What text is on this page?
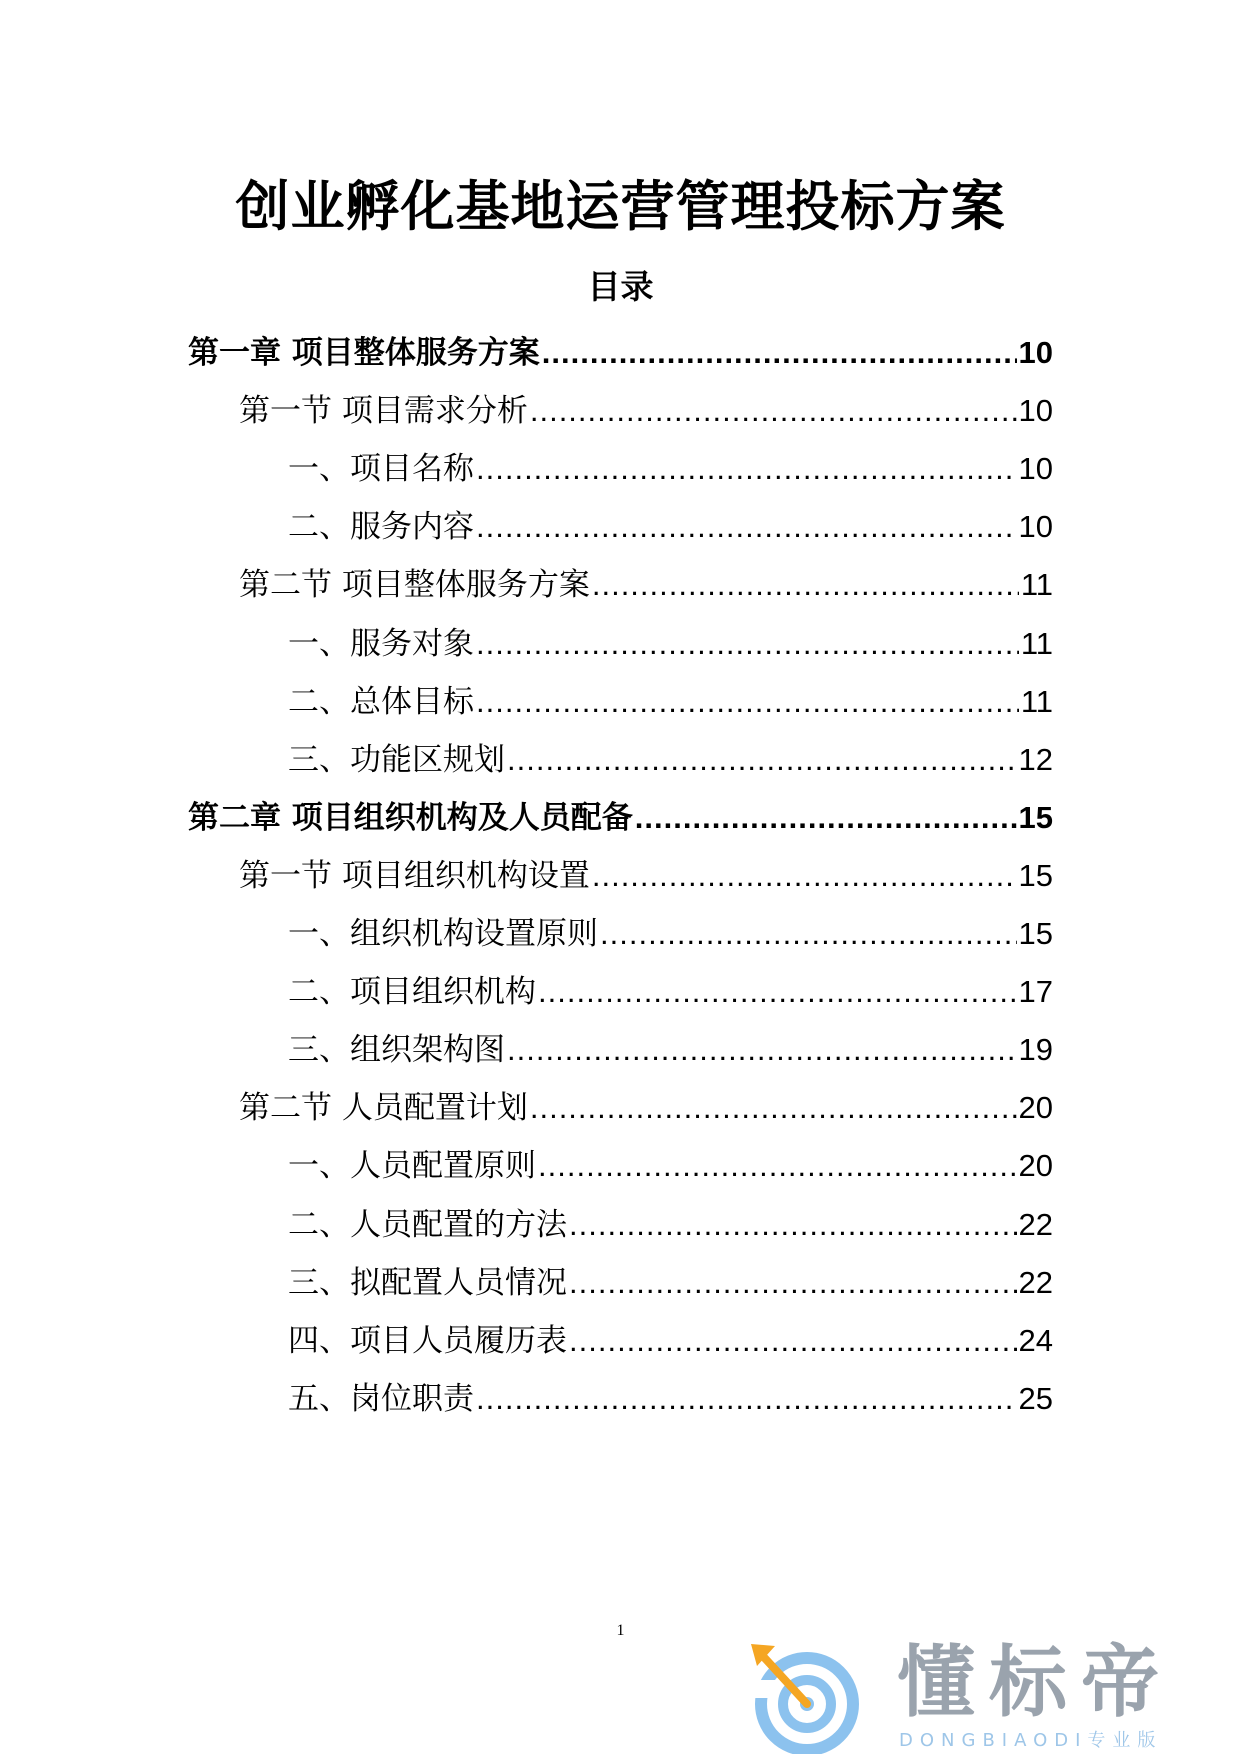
创业孵化基地运营管理投标方案
目录
第一章 项目整体服务方案 .....	10
第一节 项目需求分析 .....	10
一、项目名称 .....	10
二、服务内容 .....	10
第二节 项目整体服务方案 .....	11
一、服务对象 .....	11
二、总体目标 .....	11
三、功能区规划 .....	12
第二章 项目组织机构及人员配备 .....	15
第一节 项目组织机构设置 .....	15
一、组织机构设置原则 .....	15
二、项目组织机构 .....	17
三、组织架构图 .....	19
第二节 人员配置计划 .....	20
一、人员配置原则 .....	20
二、人员配置的方法 .....	22
三、拟配置人员情况 .....	22
四、项目人员履历表 .....	24
五、岗位职责 .....	25
1
懂标帝
DONGBIAODI专业版
